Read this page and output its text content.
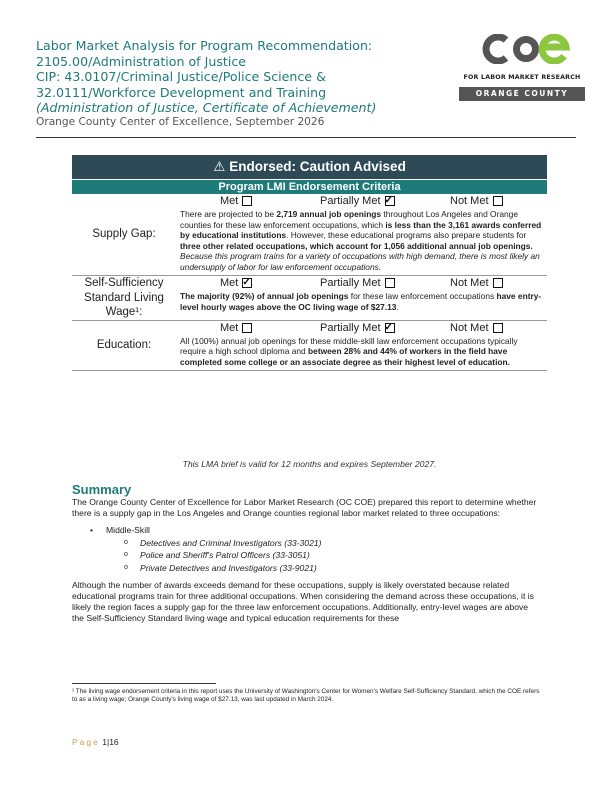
Labor Market Analysis for Program Recommendation:
2105.00/Administration of Justice
CIP: 43.0107/Criminal Justice/Police Science &
32.0111/Workforce Development and Training
(Administration of Justice, Certificate of Achievement)
Orange County Center of Excellence, September 2026
FOR LABOR MARKET RESEARCH
ORANGE COUNTY
⚠ Endorsed: Caution Advised
Program LMI Endorsement Criteria
Supply Gap:
Met	Partially Met ✓	Not Met
There are projected to be 2,719 annual job openings throughout Los Angeles and Orange counties for these law enforcement occupations, which is less than the 3,161 awards conferred by educational institutions. However, these educational programs also prepare students for three other related occupations, which account for 1,056 additional annual job openings. Because this program trains for a variety of occupations with high demand, there is most likely an undersupply of labor for law enforcement occupations.
Self-Sufficiency Standard Living Wage¹:
Met ✓	Partially Met	Not Met
The majority (92%) of annual job openings for these law enforcement occupations have entry-level hourly wages above the OC living wage of $27.13.
Education:
Met	Partially Met ✓	Not Met
All (100%) annual job openings for these middle-skill law enforcement occupations typically require a high school diploma and between 28% and 44% of workers in the field have completed some college or an associate degree as their highest level of education.
This LMA brief is valid for 12 months and expires September 2027.
Summary
The Orange County Center of Excellence for Labor Market Research (OC COE) prepared this report to determine whether there is a supply gap in the Los Angeles and Orange counties regional labor market related to three occupations:
•	Middle-Skill
o	Detectives and Criminal Investigators (33-3021)
o	Police and Sheriff's Patrol Officers (33-3051)
o	Private Detectives and Investigators (33-9021)
Although the number of awards exceeds demand for these occupations, supply is likely overstated because related educational programs train for three additional occupations. When considering the demand across these occupations, it is likely the region faces a supply gap for the three law enforcement occupations. Additionally, entry-level wages are above the Self-Sufficiency Standard living wage and typical education requirements for these
¹ The living wage endorsement criteria in this report uses the University of Washington's Center for Women's Welfare Self-Sufficiency Standard, which the COE refers to as a living wage; Orange County's living wage of $27.13, was last updated in March 2024.
Page 1|16
